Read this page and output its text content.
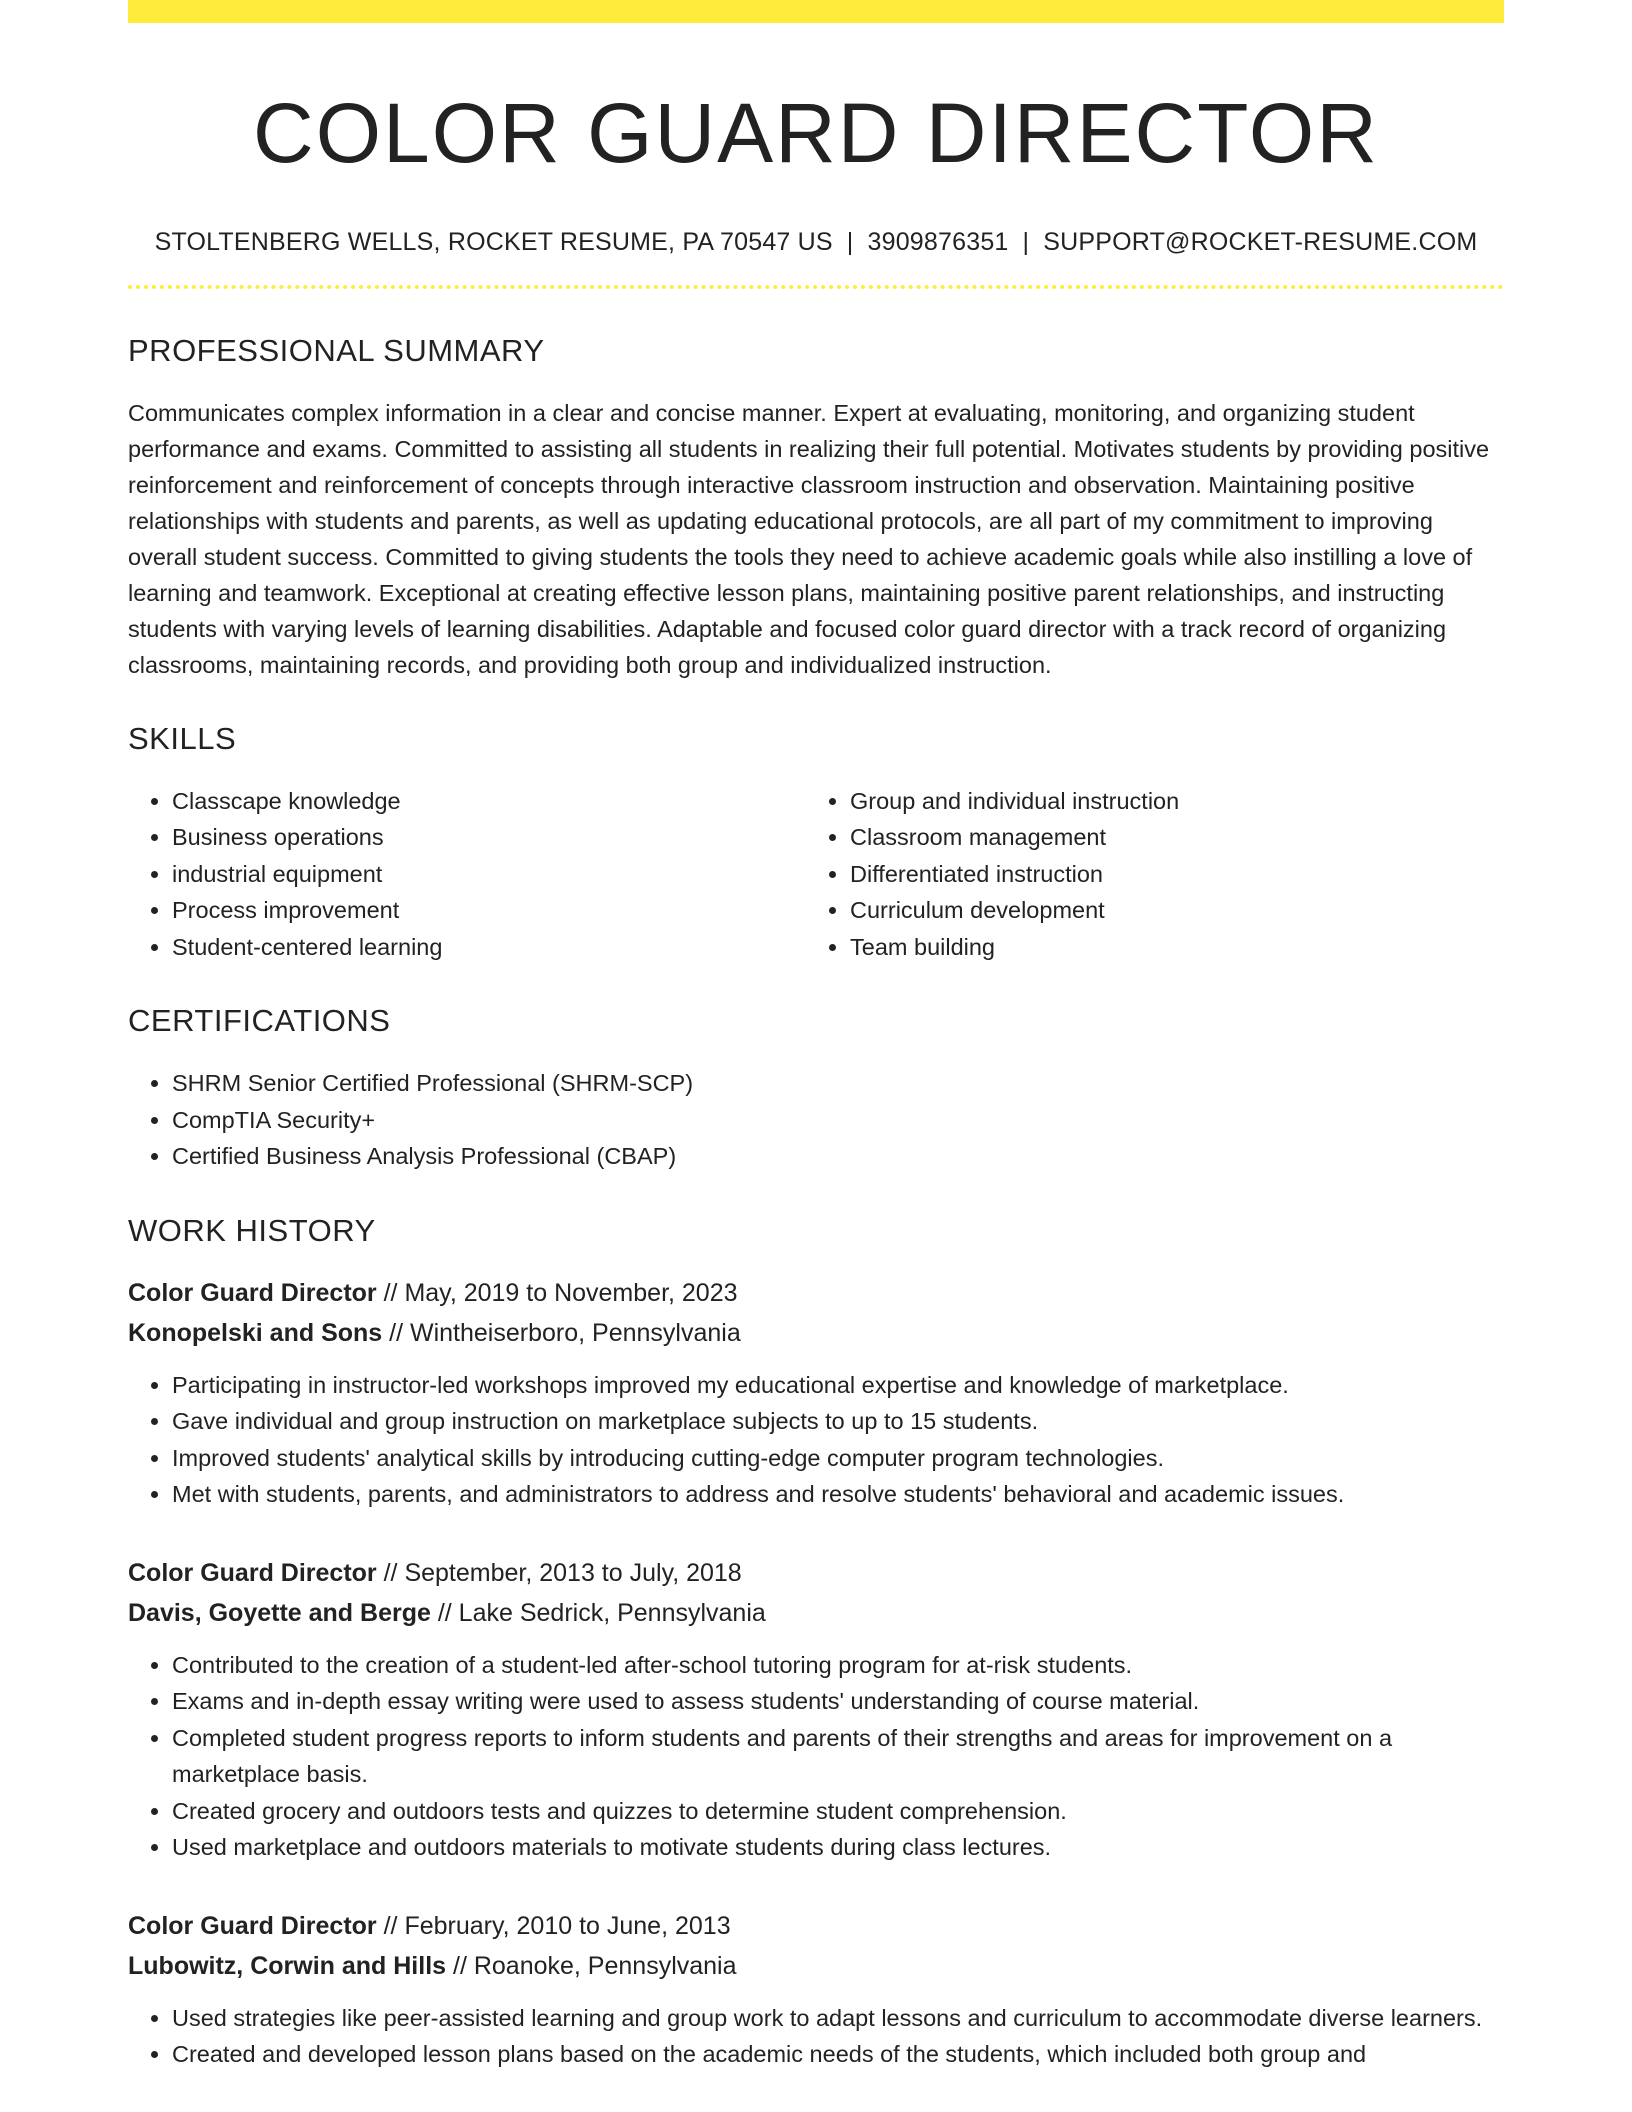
COLOR GUARD DIRECTOR
STOLTENBERG WELLS, ROCKET RESUME, PA 70547 US | 3909876351 | SUPPORT@ROCKET-RESUME.COM
PROFESSIONAL SUMMARY
Communicates complex information in a clear and concise manner. Expert at evaluating, monitoring, and organizing student performance and exams. Committed to assisting all students in realizing their full potential. Motivates students by providing positive reinforcement and reinforcement of concepts through interactive classroom instruction and observation. Maintaining positive relationships with students and parents, as well as updating educational protocols, are all part of my commitment to improving overall student success. Committed to giving students the tools they need to achieve academic goals while also instilling a love of learning and teamwork. Exceptional at creating effective lesson plans, maintaining positive parent relationships, and instructing students with varying levels of learning disabilities. Adaptable and focused color guard director with a track record of organizing classrooms, maintaining records, and providing both group and individualized instruction.
SKILLS
• Classcape knowledge
• Business operations
• industrial equipment
• Process improvement
• Student-centered learning
• Group and individual instruction
• Classroom management
• Differentiated instruction
• Curriculum development
• Team building
CERTIFICATIONS
• SHRM Senior Certified Professional (SHRM-SCP)
• CompTIA Security+
• Certified Business Analysis Professional (CBAP)
WORK HISTORY
Color Guard Director // May, 2019 to November, 2023
Konopelski and Sons // Wintheiserboro, Pennsylvania
• Participating in instructor-led workshops improved my educational expertise and knowledge of marketplace.
• Gave individual and group instruction on marketplace subjects to up to 15 students.
• Improved students' analytical skills by introducing cutting-edge computer program technologies.
• Met with students, parents, and administrators to address and resolve students' behavioral and academic issues.
Color Guard Director // September, 2013 to July, 2018
Davis, Goyette and Berge // Lake Sedrick, Pennsylvania
• Contributed to the creation of a student-led after-school tutoring program for at-risk students.
• Exams and in-depth essay writing were used to assess students' understanding of course material.
• Completed student progress reports to inform students and parents of their strengths and areas for improvement on a marketplace basis.
• Created grocery and outdoors tests and quizzes to determine student comprehension.
• Used marketplace and outdoors materials to motivate students during class lectures.
Color Guard Director // February, 2010 to June, 2013
Lubowitz, Corwin and Hills // Roanoke, Pennsylvania
• Used strategies like peer-assisted learning and group work to adapt lessons and curriculum to accommodate diverse learners.
• Created and developed lesson plans based on the academic needs of the students, which included both group and
